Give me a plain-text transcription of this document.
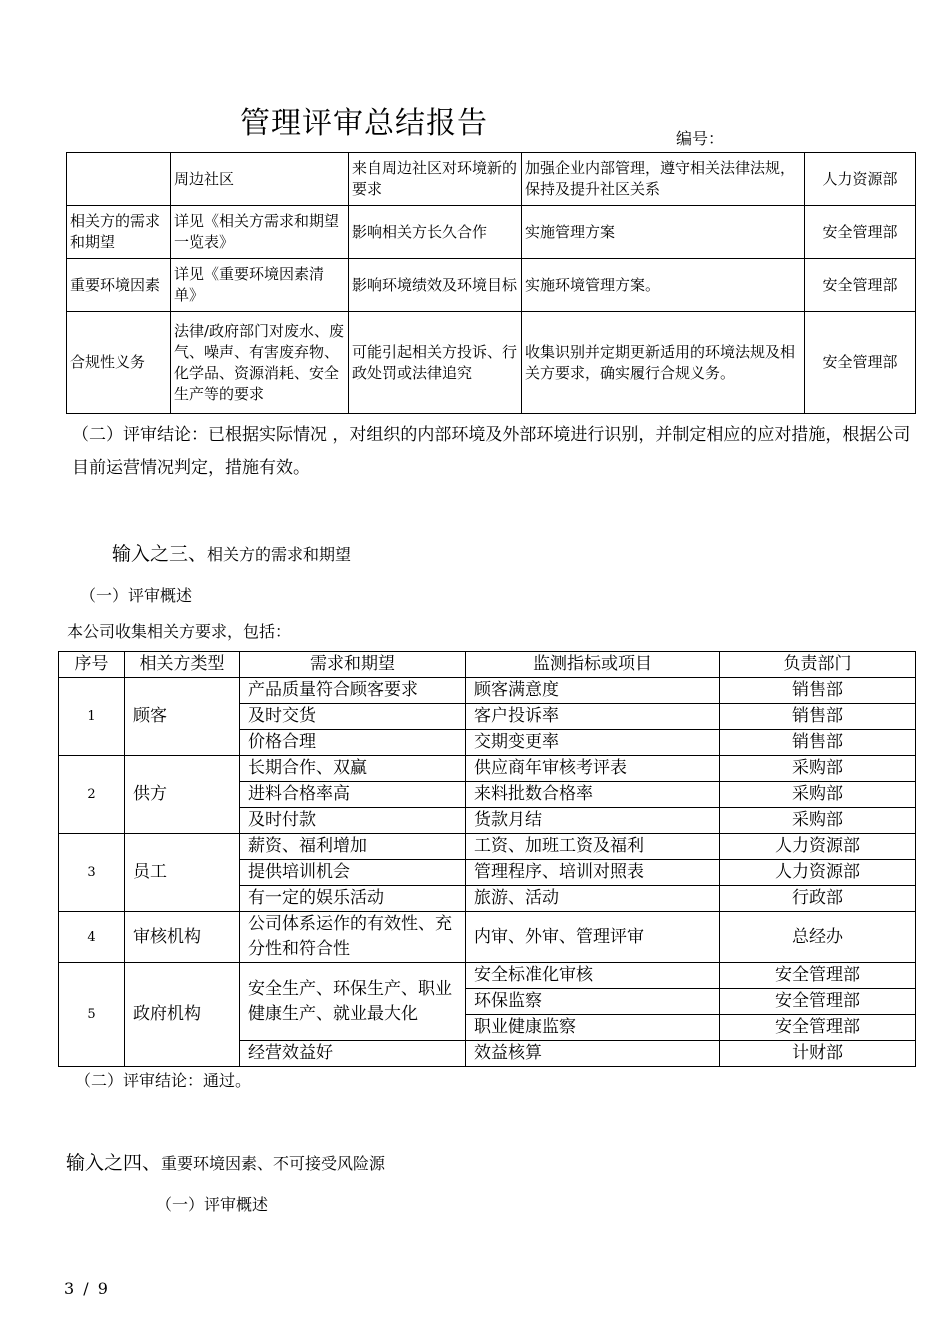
管理评审总结报告	编号：
	周边社区	来自周边社区对环境新的要求	加强企业内部管理，遵守相关法律法规，保持及提升社区关系	人力资源部
相关方的需求和期望	详见《相关方需求和期望一览表》	影响相关方长久合作	实施管理方案	安全管理部
重要环境因素	详见《重要环境因素清单》	影响环境绩效及环境目标	实施环境管理方案。	安全管理部
合规性义务	法律/政府部门对废水、废气、噪声、有害废弃物、化学品、资源消耗、安全生产等的要求	可能引起相关方投诉、行政处罚或法律追究	收集识别并定期更新适用的环境法规及相关方要求，确实履行合规义务。	安全管理部
（二）评审结论：已根据实际情况 ，对组织的内部环境及外部环境进行识别，并制定相应的应对措施，根据公司目前运营情况判定，措施有效。
输入之三、相关方的需求和期望
（一）评审概述
本公司收集相关方要求，包括：
序号	相关方类型	需求和期望	监测指标或项目	负责部门
1	顾客	产品质量符合顾客要求	顾客满意度	销售部
		及时交货	客户投诉率	销售部
		价格合理	交期变更率	销售部
2	供方	长期合作、双赢	供应商年审核考评表	采购部
		进料合格率高	来料批数合格率	采购部
		及时付款	货款月结	采购部
3	员工	薪资、福利增加	工资、加班工资及福利	人力资源部
		提供培训机会	管理程序、培训对照表	人力资源部
		有一定的娱乐活动	旅游、活动	行政部
4	审核机构	公司体系运作的有效性、充分性和符合性	内审、外审、管理评审	总经办
5	政府机构	安全生产、环保生产、职业健康生产、就业最大化	安全标准化审核	安全管理部
			环保监察	安全管理部
			职业健康监察	安全管理部
		经营效益好	效益核算	计财部
（二）评审结论：通过。
输入之四、重要环境因素、不可接受风险源
（一）评审概述
3 / 9
